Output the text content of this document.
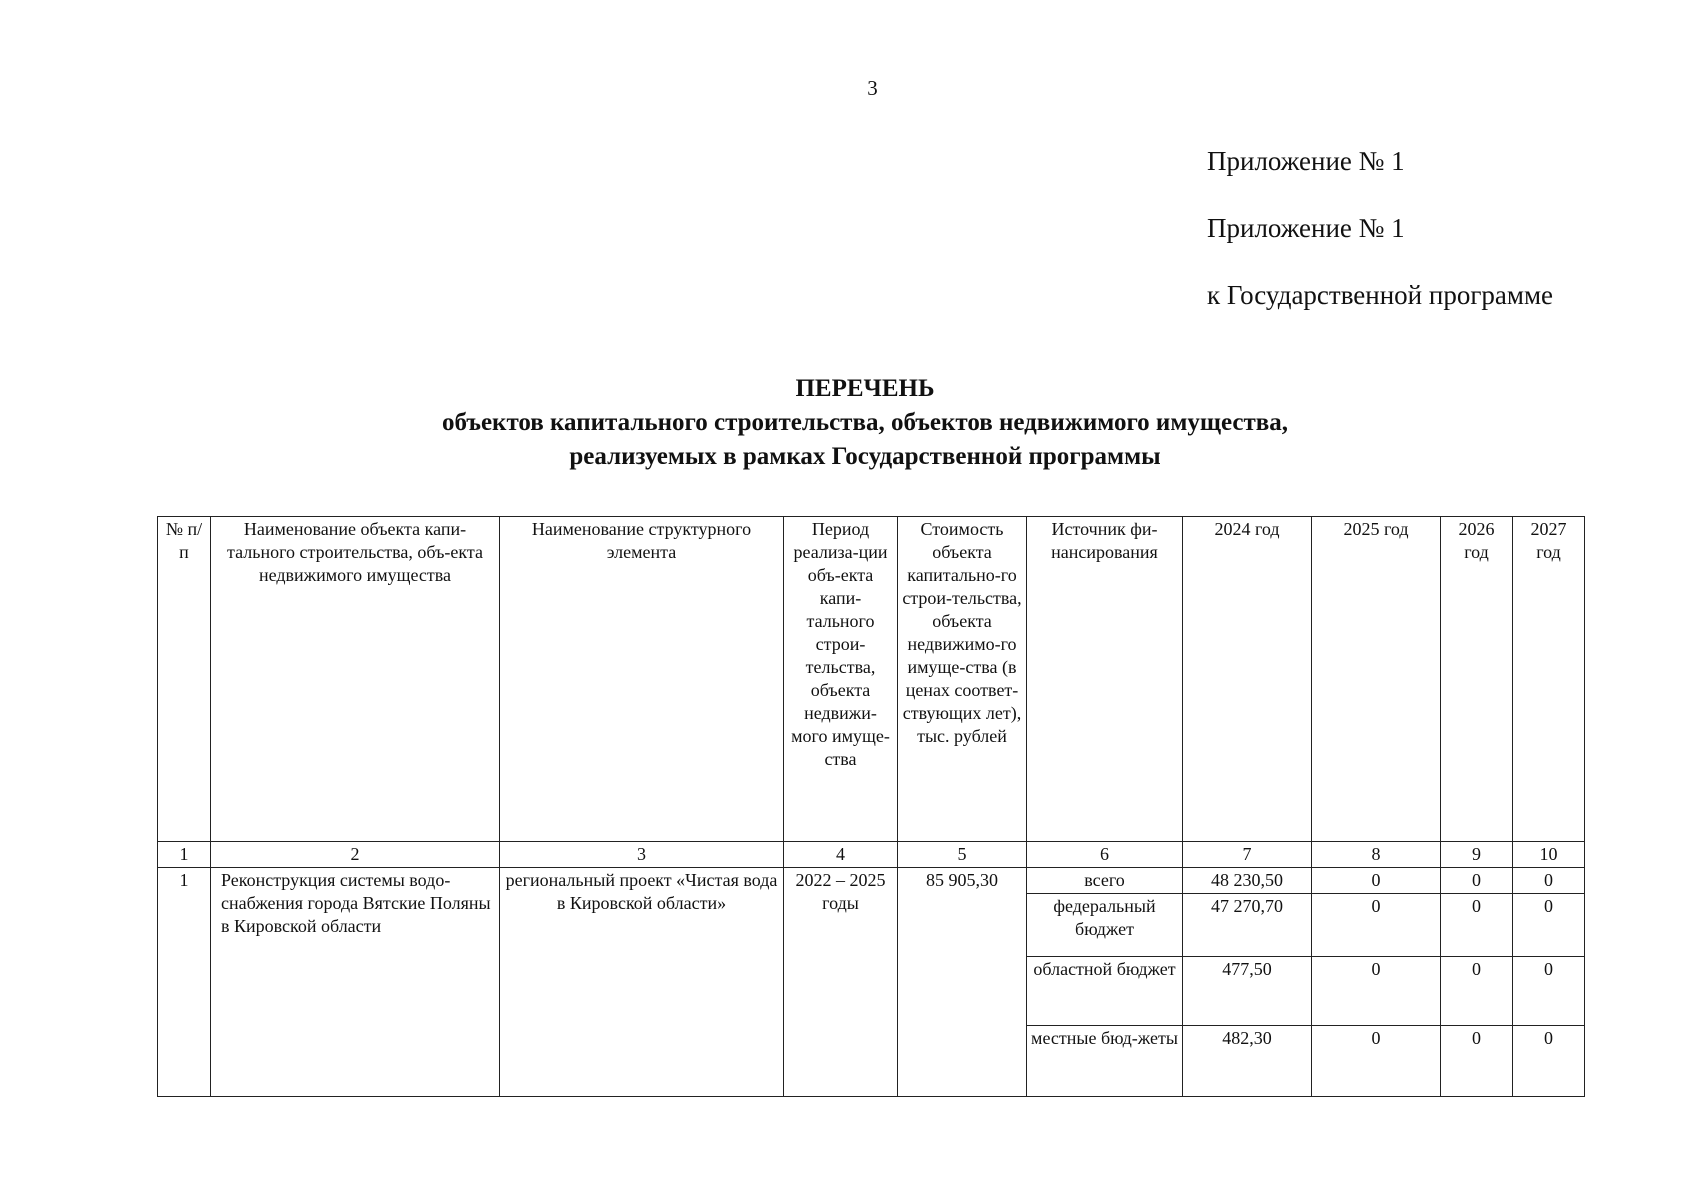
3
Приложение № 1
Приложение № 1
к Государственной программе
ПЕРЕЧЕНЬ
объектов капитального строительства, объектов недвижимого имущества,
реализуемых в рамках Государственной программы
№ п/п	Наименование объекта капи-тального строительства, объ-екта недвижимого имущества	Наименование структурного элемента	Период реализа-ции объ-екта капи-тального строи-тельства, объекта недвижи-мого имуще-ства	Стоимость объекта капитально-го строи-тельства, объекта недвижимо-го имуще-ства (в ценах соответ-ствующих лет), тыс. рублей	Источник фи-нансирования	2024 год	2025 год	2026 год	2027 год
1	2	3	4	5	6	7	8	9	10
1	Реконструкция системы водо-снабжения города Вятские Поляны в Кировской области	региональный проект «Чистая вода в Кировской области»	2022 – 2025 годы	85 905,30	всего	48 230,50	0	0	0
					федеральный бюджет	47 270,70	0	0	0
					областной бюджет	477,50	0	0	0
					местные бюд-жеты	482,30	0	0	0
